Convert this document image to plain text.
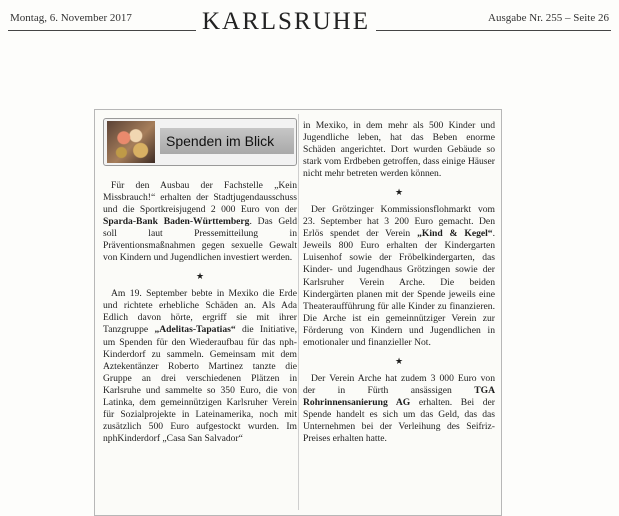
Montag, 6. November 2017	KARLSRUHE	Ausgabe Nr. 255 – Seite 26
Spenden im Blick

Für den Ausbau der Fachstelle „Kein Missbrauch!“ erhalten der Stadtjugendausschuss und die Sportkreisjugend 2 000 Euro von der Sparda-Bank Baden-Württemberg. Das Geld soll laut Pressemitteilung in Präventionsmaßnahmen gegen sexuelle Gewalt von Kindern und Jugendlichen investiert werden.

★

Am 19. September bebte in Mexiko die Erde und richtete erhebliche Schäden an. Als Ada Edlich davon hörte, ergriff sie mit ihrer Tanzgruppe „Adelitas-Tapatias“ die Initiative, um Spenden für den Wiederaufbau für das nph-Kinderdorf zu sammeln. Gemeinsam mit dem Aztekentänzer Roberto Martinez tanzte die Gruppe an drei verschiedenen Plätzen in Karlsruhe und sammelte so 350 Euro, die von Latinka, dem gemeinnützigen Karlsruher Verein für Sozialprojekte in Lateinamerika, noch mit zusätzlich 500 Euro aufgestockt wurden. Im nphKinderdorf „Casa San Salvador“

in Mexiko, in dem mehr als 500 Kinder und Jugendliche leben, hat das Beben enorme Schäden angerichtet. Dort wurden Gebäude so stark vom Erdbeben getroffen, dass einige Häuser nicht mehr betreten werden können.

★

Der Grötzinger Kommissionsflohmarkt vom 23. September hat 3 200 Euro gemacht. Den Erlös spendet der Verein „Kind & Kegel“. Jeweils 800 Euro erhalten der Kindergarten Luisenhof sowie der Fröbelkindergarten, das Kinder- und Jugendhaus Grötzingen sowie der Karlsruher Verein Arche. Die beiden Kindergärten planen mit der Spende jeweils eine Theateraufführung für alle Kinder zu finanzieren. Die Arche ist ein gemeinnütziger Verein zur Förderung von Kindern und Jugendlichen in emotionaler und finanzieller Not.

★

Der Verein Arche hat zudem 3 000 Euro von der in Fürth ansässigen TGA Rohrinnensanierung AG erhalten. Bei der Spende handelt es sich um das Geld, das das Unternehmen bei der Verleihung des Seifriz-Preises erhalten hatte.
